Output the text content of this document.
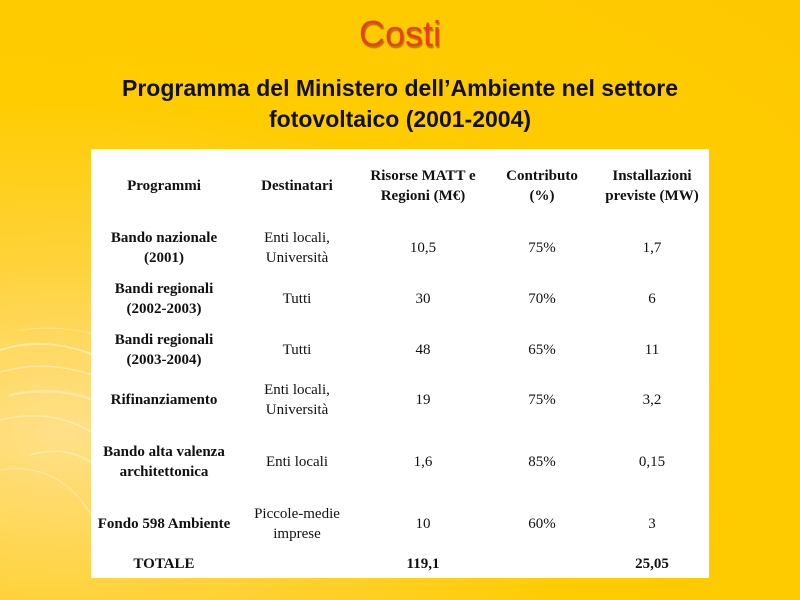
Costi
Programma del Ministero dell’Ambiente nel settore
fotovoltaico (2001-2004)
Programmi	Destinatari	Risorse MATT e Regioni (M€)	Contributo (%)	Installazioni previste (MW)
Bando nazionale (2001)	Enti locali, Università	10,5	75%	1,7
Bandi regionali (2002-2003)	Tutti	30	70%	6
Bandi regionali (2003-2004)	Tutti	48	65%	11
Rifinanziamento	Enti locali, Università	19	75%	3,2
Bando alta valenza architettonica	Enti locali	1,6	85%	0,15
Fondo 598 Ambiente	Piccole-medie imprese	10	60%	3
TOTALE		119,1		25,05
